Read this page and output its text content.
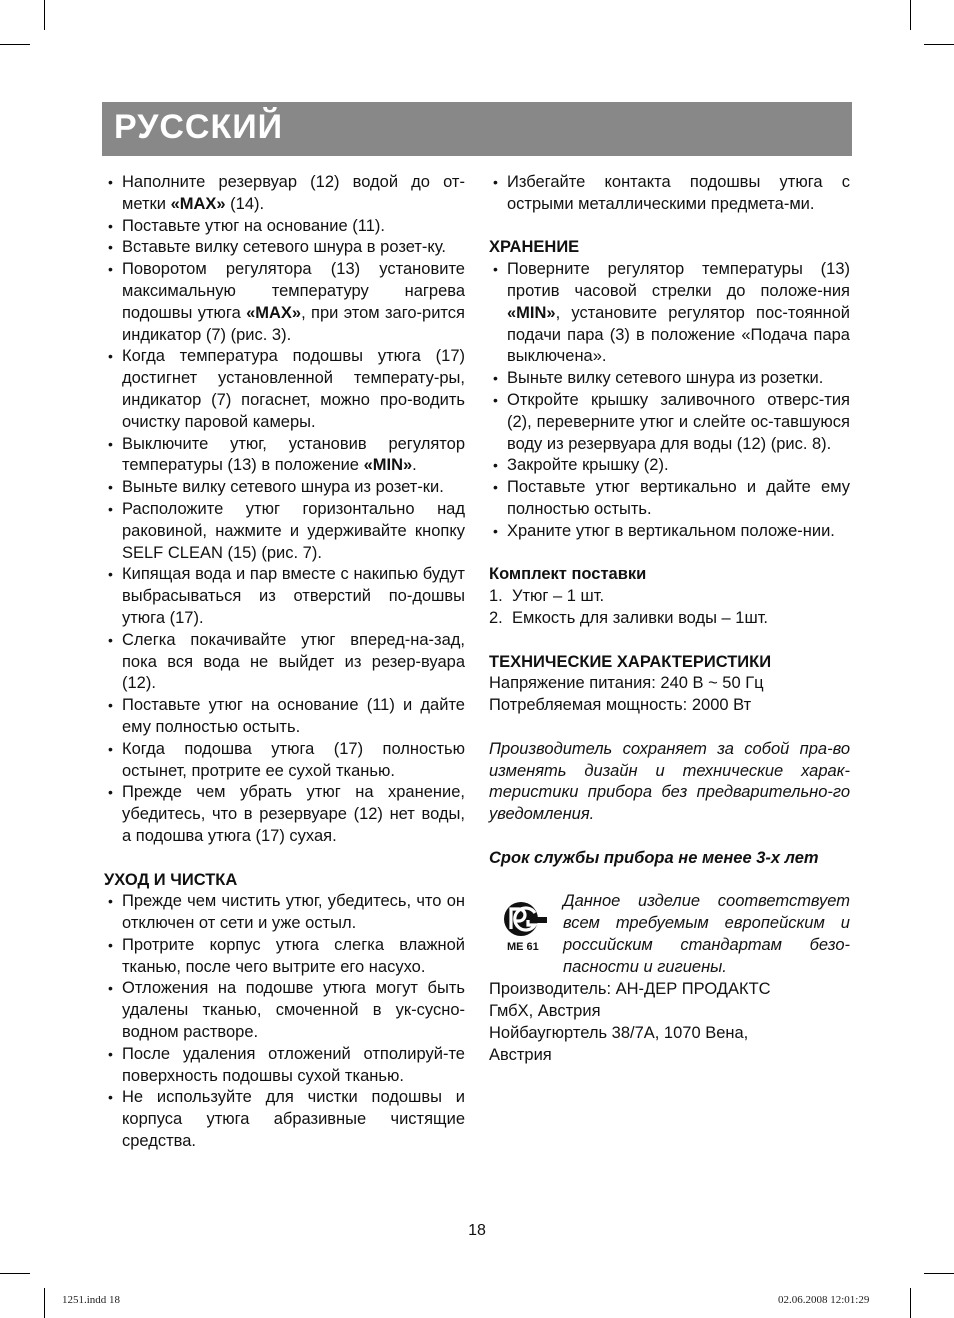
РУССКИЙ
• Наполните резервуар (12) водой до от-метки «MAX» (14).
• Поставьте утюг на основание (11).
• Вставьте вилку сетевого шнура в розет-ку.
• Поворотом регулятора (13) установите максимальную температуру нагрева подошвы утюга «MAX», при этом заго-рится индикатор (7) (рис. 3).
• Когда температура подошвы утюга (17) достигнет установленной температу-ры, индикатор (7) погаснет, можно про-водить очистку паровой камеры.
• Выключите утюг, установив регулятор температуры (13) в положение «MIN».
• Выньте вилку сетевого шнура из розет-ки.
• Расположите утюг горизонтально над раковиной, нажмите и удерживайте кнопку SELF CLEAN (15) (рис. 7).
• Кипящая вода и пар вместе с накипью будут выбрасываться из отверстий по-дошвы утюга (17).
• Слегка покачивайте утюг вперед-на-зад, пока вся вода не выйдет из резер-вуара (12).
• Поставьте утюг на основание (11) и дайте ему полностью остыть.
• Когда подошва утюга (17) полностью остынет, протрите ее сухой тканью.
• Прежде чем убрать утюг на хранение, убедитесь, что в резервуаре (12) нет воды, а подошва утюга (17) сухая.

УХОД И ЧИСТКА

• Прежде чем чистить утюг, убедитесь, что он отключен от сети и уже остыл.
• Протрите корпус утюга слегка влажной тканью, после чего вытрите его насухо.
• Отложения на подошве утюга могут быть удалены тканью, смоченной в ук-сусно-водном растворе.
• После удаления отложений отполируй-те поверхность подошвы сухой тканью.
• Не используйте для чистки подошвы и корпуса утюга абразивные чистящие средства.
• Избегайте контакта подошвы утюга с острыми металлическими предмета-ми.

ХРАНЕНИЕ

• Поверните регулятор температуры (13) против часовой стрелки до положе-ния «MIN», установите регулятор пос-тоянной подачи пара (3) в положение «Подача пара выключена».
• Выньте вилку сетевого шнура из розетки.
• Откройте крышку заливочного отверс-тия (2), переверните утюг и слейте ос-тавшуюся воду из резервуара для воды (12) (рис. 8).
• Закройте крышку (2).
• Поставьте утюг вертикально и дайте ему полностью остыть.
• Храните утюг в вертикальном положе-нии.

Комплект поставки

1. Утюг – 1 шт.
2. Емкость для заливки воды – 1шт.

ТЕХНИЧЕСКИЕ ХАРАКТЕРИСТИКИ

Напряжение питания: 240 В ~ 50 Гц

Потребляемая мощность: 2000 Вт

Производитель сохраняет за собой пра-во изменять дизайн и технические харак-теристики прибора без предварительно-го уведомления.

Срок службы прибора не менее 3-х лет

МЕ 61

Данное изделие соответствует всем требуемым европейским и российским стандартам безо-пасности и гигиены.

Производитель: АН-ДЕР ПРОДАКТС

ГмбХ, Австрия

Нойбаугюртель 38/7А, 1070 Вена,

Австрия

18
1251.indd 18	02.06.2008 12:01:29
